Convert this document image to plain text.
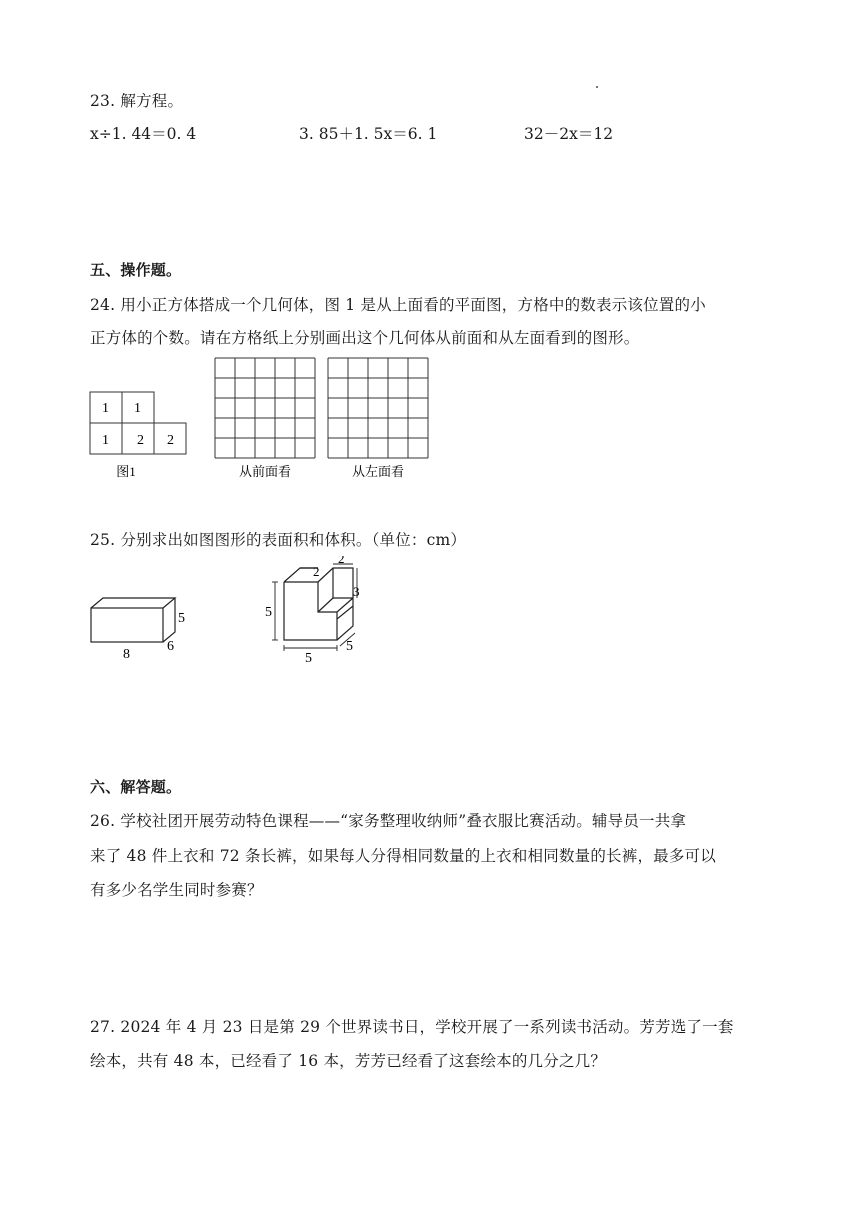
23. 解方程。
x÷1. 44＝0. 4	3. 85＋1. 5x＝6. 1	32－2x＝12
五、操作题。
24. 用小正方体搭成一个几何体，图 1 是从上面看的平面图，方格中的数表示该位置的小
正方体的个数。请在方格纸上分别画出这个几何体从前面和从左面看到的图形。
1 1
1 2 2
图1	从前面看	从左面看
25. 分别求出如图图形的表面积和体积。（单位：cm）
5
8
6
2
2
3
5
5
5
六、解答题。
26. 学校社团开展劳动特色课程——“家务整理收纳师”叠衣服比赛活动。辅导员一共拿
来了 48 件上衣和 72 条长裤，如果每人分得相同数量的上衣和相同数量的长裤，最多可以
有多少名学生同时参赛？
27. 2024 年 4 月 23 日是第 29 个世界读书日，学校开展了一系列读书活动。芳芳选了一套
绘本，共有 48 本，已经看了 16 本，芳芳已经看了这套绘本的几分之几？
